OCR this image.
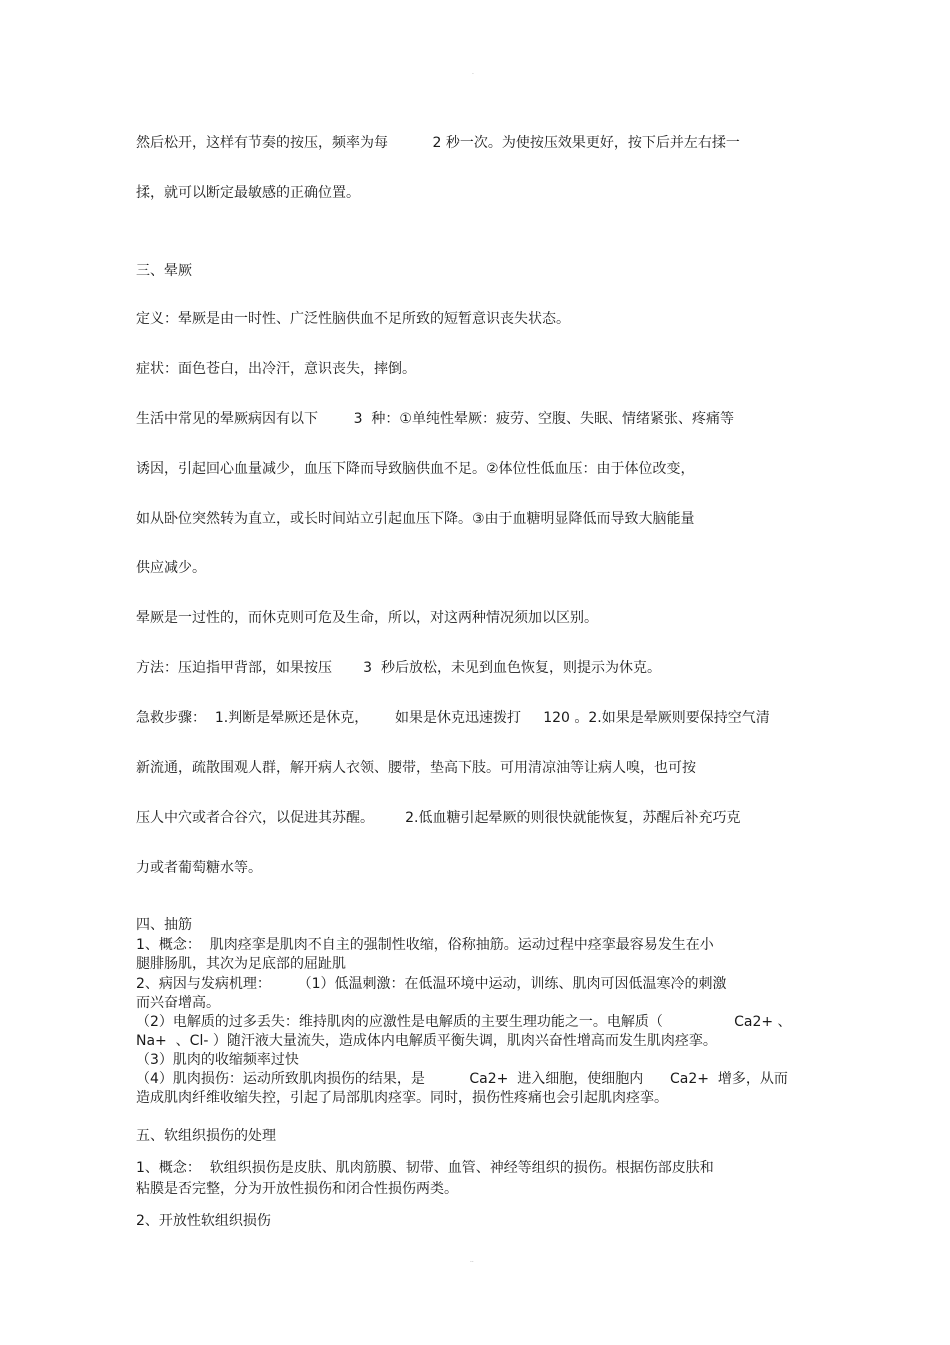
·
然后松开，这样有节奏的按压，频率为每          2 秒一次。为使按压效果更好，按下后并左右揉一
揉，就可以断定最敏感的正确位置。
三、晕厥
定义：晕厥是由一时性、广泛性脑供血不足所致的短暂意识丧失状态。
症状：面色苍白，出冷汗，意识丧失，摔倒。
生活中常见的晕厥病因有以下        3  种：①单纯性晕厥：疲劳、空腹、失眠、情绪紧张、疼痛等
诱因，引起回心血量减少，血压下降而导致脑供血不足。②体位性低血压：由于体位改变，
如从卧位突然转为直立，或长时间站立引起血压下降。③由于血糖明显降低而导致大脑能量
供应减少。
晕厥是一过性的，而休克则可危及生命，所以，对这两种情况须加以区别。
方法：压迫指甲背部，如果按压       3  秒后放松，未见到血色恢复，则提示为休克。
急救步骤：  1.判断是晕厥还是休克，      如果是休克迅速拨打     120 。2.如果是晕厥则要保持空气清
新流通，疏散围观人群，解开病人衣领、腰带，垫高下肢。可用清凉油等让病人嗅，也可按
压人中穴或者合谷穴，以促进其苏醒。       2.低血糖引起晕厥的则很快就能恢复，苏醒后补充巧克
力或者葡萄糖水等。
四、抽筋
1、概念：  肌肉痉挛是肌肉不自主的强制性收缩，俗称抽筋。运动过程中痉挛最容易发生在小
腿腓肠肌，其次为足底部的屈趾肌
2、病因与发病机理：      （1）低温刺激：在低温环境中运动，训练、肌肉可因低温寒冷的刺激
而兴奋增高。
（2）电解质的过多丢失：维持肌肉的应激性是电解质的主要生理功能之一。电解质（                Ca2+ 、
Na+  、Cl- ）随汗液大量流失，造成体内电解质平衡失调，肌肉兴奋性增高而发生肌肉痉挛。
（3）肌肉的收缩频率过快
（4）肌肉损伤：运动所致肌肉损伤的结果，是          Ca2+  进入细胞，使细胞内      Ca2+  增多，从而
造成肌肉纤维收缩失控，引起了局部肌肉痉挛。同时，损伤性疼痛也会引起肌肉痉挛。
五、软组织损伤的处理
1、概念：  软组织损伤是皮肤、肌肉筋膜、韧带、血管、神经等组织的损伤。根据伤部皮肤和
粘膜是否完整，分为开放性损伤和闭合性损伤两类。
2、开放性软组织损伤
..
